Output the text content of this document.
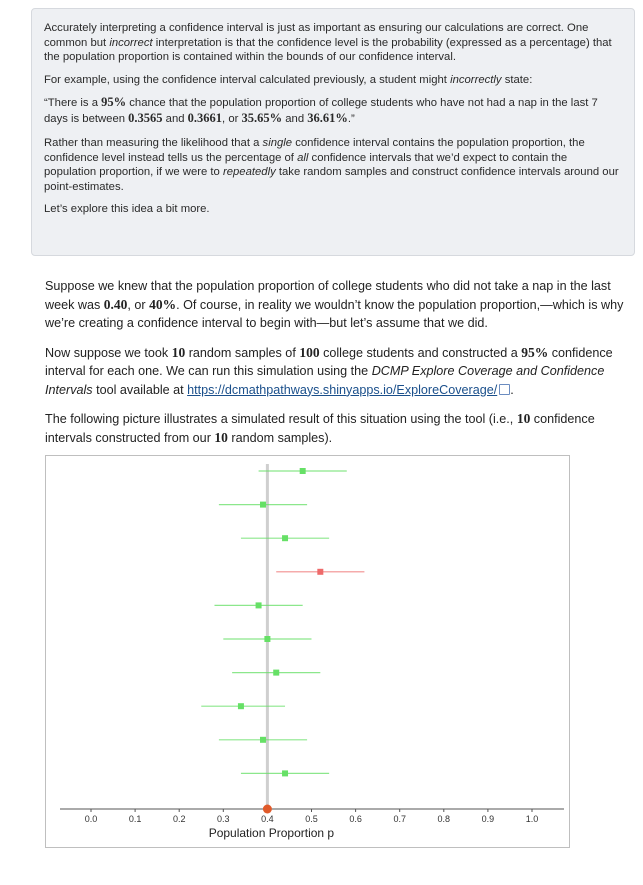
Accurately interpreting a confidence interval is just as important as ensuring our calculations are correct. One common but incorrect interpretation is that the confidence level is the probability (expressed as a percentage) that the population proportion is contained within the bounds of our confidence interval.

For example, using the confidence interval calculated previously, a student might incorrectly state:

“There is a 95% chance that the population proportion of college students who have not had a nap in the last 7 days is between 0.3565 and 0.3661, or 35.65% and 36.61%.”

Rather than measuring the likelihood that a single confidence interval contains the population proportion, the confidence level instead tells us the percentage of all confidence intervals that we’d expect to contain the population proportion, if we were to repeatedly take random samples and construct confidence intervals around our point-estimates.

Let’s explore this idea a bit more.

Suppose we knew that the population proportion of college students who did not take a nap in the last week was 0.40, or 40%. Of course, in reality we wouldn’t know the population proportion,—which is why we’re creating a confidence interval to begin with—but let’s assume that we did.

Now suppose we took 10 random samples of 100 college students and constructed a 95% confidence interval for each one. We can run this simulation using the DCMP Explore Coverage and Confidence Intervals tool available at https://dcmathpathways.shinyapps.io/ExploreCoverage/ .

The following picture illustrates a simulated result of this situation using the tool (i.e., 10 confidence intervals constructed from our 10 random samples).

0.0	0.1	0.2	0.3	0.4	0.5	0.6	0.7	0.8	0.9	1.0
Population Proportion p
